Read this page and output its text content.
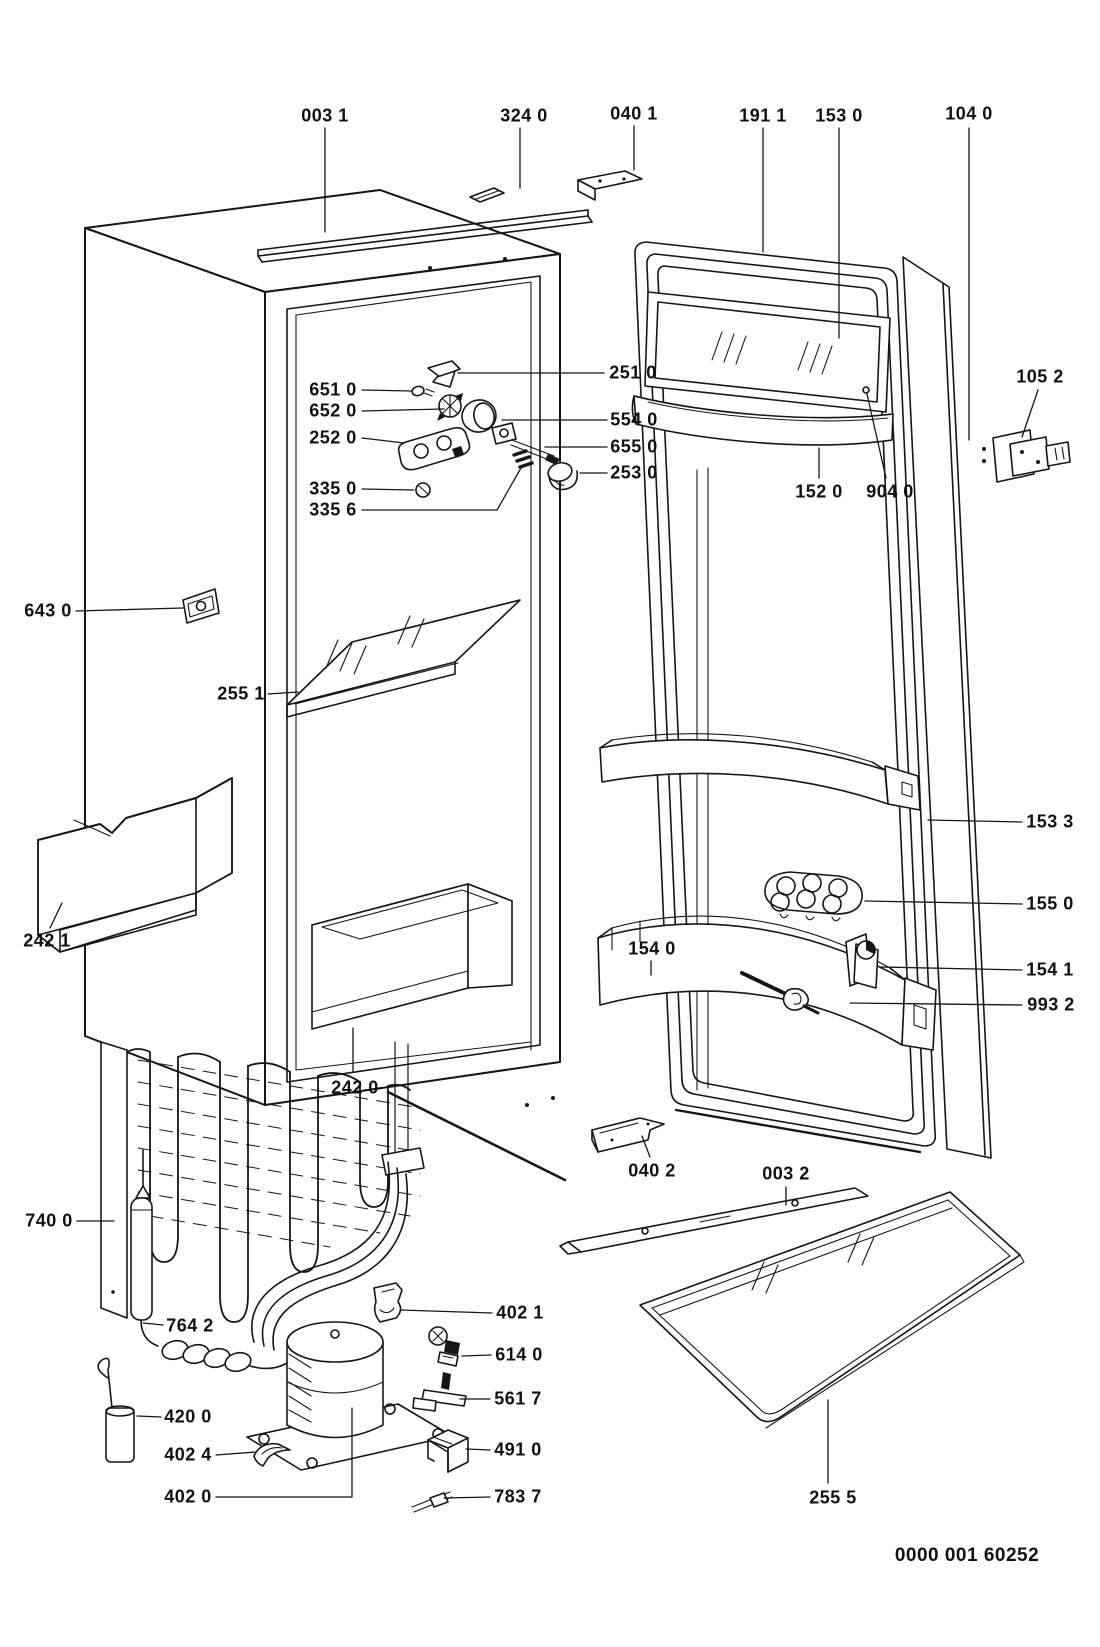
003 1	324 0	040 1	191 1 153 0	104 0
105 2
251 0
554 0
655 0
253 0
651 0
652 0
252 0
335 0
335 6
152 0 904 0
643 0
255 1
242 1
153 3
155 0
154 0
154 1
993 2
242 0
040 2	003 2
740 0
764 2
420 0
402 4
402 0
402 1
614 0
561 7
491 0
783 7	255 5
0000 001 60252
